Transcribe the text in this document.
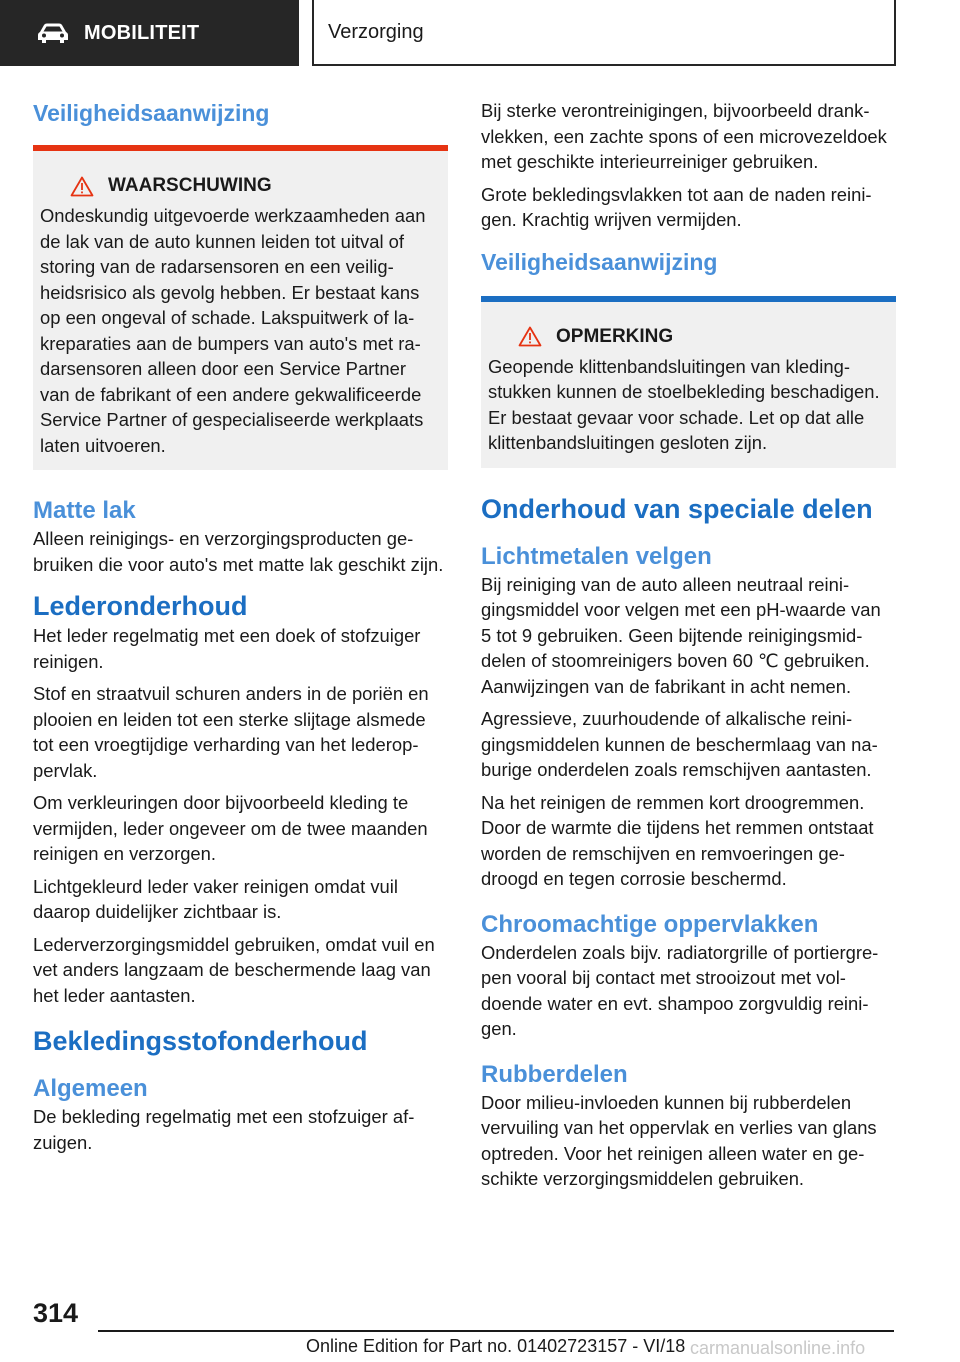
MOBILITEIT	Verzorging
Veiligheidsaanwijzing
WAARSCHUWING

Ondeskundig uitgevoerde werkzaamheden aan de lak van de auto kunnen leiden tot uitval of storing van de radarsensoren en een veiligheidsrisico als gevolg hebben. Er bestaat kans op een ongeval of schade. Lakspuitwerk of lakreparaties aan de bumpers van auto's met radarsensoren alleen door een Service Partner van de fabrikant of een andere gekwalificeerde Service Partner of gespecialiseerde werkplaats laten uitvoeren.

Matte lak

Alleen reinigings- en verzorgingsproducten gebruiken die voor auto's met matte lak geschikt zijn.

Lederonderhoud

Het leder regelmatig met een doek of stofzuiger reinigen.

Stof en straatvuil schuren anders in de poriën en plooien en leiden tot een sterke slijtage alsmede tot een vroegtijdige verharding van het lederoppervlak.

Om verkleuringen door bijvoorbeeld kleding te vermijden, leder ongeveer om de twee maanden reinigen en verzorgen.

Lichtgekleurd leder vaker reinigen omdat vuil daarop duidelijker zichtbaar is.

Lederverzorgingsmiddel gebruiken, omdat vuil en vet anders langzaam de beschermende laag van het leder aantasten.

Bekledingsstofonderhoud
Algemeen

De bekleding regelmatig met een stofzuiger afzuigen.

Bij sterke verontreinigingen, bijvoorbeeld drankvlekken, een zachte spons of een microvezeldoek met geschikte interieurreiniger gebruiken.

Grote bekledingsvlakken tot aan de naden reinigen. Krachtig wrijven vermijden.

Veiligheidsaanwijzing
OPMERKING

Geopende klittenbandsluitingen van kledingstukken kunnen de stoelbekleding beschadigen. Er bestaat gevaar voor schade. Let op dat alle klittenbandsluitingen gesloten zijn.

Onderhoud van speciale delen
Lichtmetalen velgen

Bij reiniging van de auto alleen neutraal reinigingsmiddel voor velgen met een pH-waarde van 5 tot 9 gebruiken. Geen bijtende reinigingsmiddelen of stoomreinigers boven 60 ℃ gebruiken. Aanwijzingen van de fabrikant in acht nemen.

Agressieve, zuurhoudende of alkalische reinigingsmiddelen kunnen de beschermlaag van naburige onderdelen zoals remschijven aantasten.

Na het reinigen de remmen kort droogremmen. Door de warmte die tijdens het remmen ontstaat worden de remschijven en remvoeringen gedroogd en tegen corrosie beschermd.

Chroomachtige oppervlakken

Onderdelen zoals bijv. radiatorgrille of portiergrepen vooral bij contact met strooizout met voldoende water en evt. shampoo zorgvuldig reinigen.

Rubberdelen

Door milieu-invloeden kunnen bij rubberdelen vervuiling van het oppervlak en verlies van glans optreden. Voor het reinigen alleen water en geschikte verzorgingsmiddelen gebruiken.

314
Online Edition for Part no. 01402723157 - VI/18 carmanualsonline.info
